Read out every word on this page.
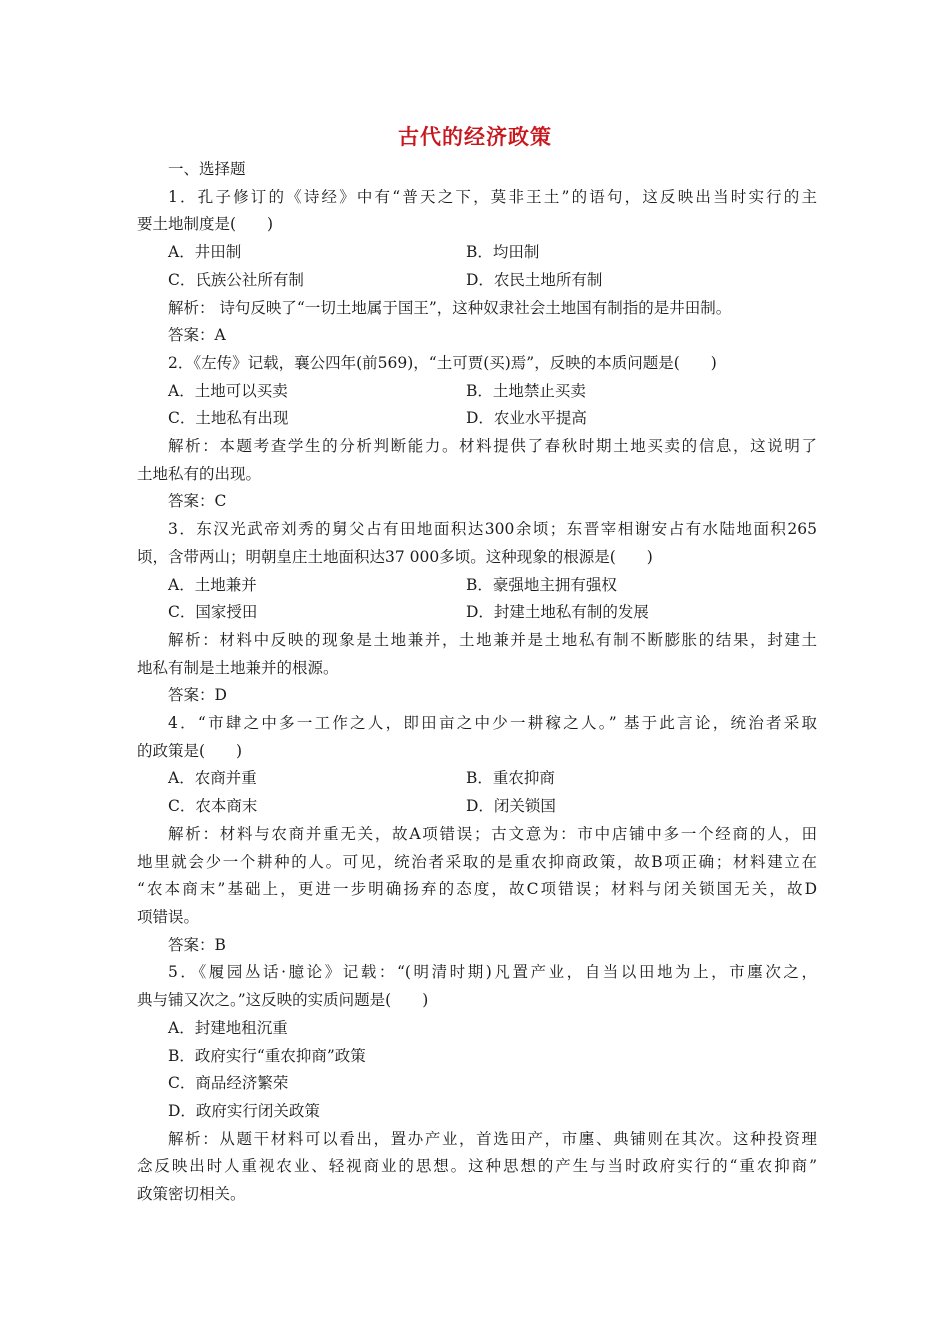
古代的经济政策
一、选择题
1．孔子修订的《诗经》中有“普天之下，莫非王土”的语句，这反映出当时实行的主
要土地制度是(　　)
A．井田制	B．均田制
C．氏族公社所有制	D．农民土地所有制
解析： 诗句反映了“一切土地属于国王”，这种奴隶社会土地国有制指的是井田制。
答案：A
2．《左传》记载，襄公四年(前569)，“土可贾(买)焉”，反映的本质问题是(　　)
A．土地可以买卖	B．土地禁止买卖
C．土地私有出现	D．农业水平提高
解析：本题考查学生的分析判断能力。材料提供了春秋时期土地买卖的信息，这说明了
土地私有的出现。
答案：C
3．东汉光武帝刘秀的舅父占有田地面积达300余顷；东晋宰相谢安占有水陆地面积265
顷，含带两山；明朝皇庄土地面积达37 000多顷。这种现象的根源是(　　)
A．土地兼并	B．豪强地主拥有强权
C．国家授田	D．封建土地私有制的发展
解析：材料中反映的现象是土地兼并，土地兼并是土地私有制不断膨胀的结果，封建土
地私有制是土地兼并的根源。
答案：D
4．“市肆之中多一工作之人，即田亩之中少一耕稼之人。” 基于此言论，统治者采取
的政策是(　　)
A．农商并重	B．重农抑商
C．农本商末	D．闭关锁国
解析：材料与农商并重无关，故A项错误；古文意为：市中店铺中多一个经商的人，田
地里就会少一个耕种的人。可见，统治者采取的是重农抑商政策，故B项正确；材料建立在
“农本商末”基础上，更进一步明确扬弃的态度，故C项错误；材料与闭关锁国无关，故D
项错误。
答案：B
5．《履园丛话·臆论》记载：“(明清时期)凡置产业，自当以田地为上，市廛次之，
典与铺又次之。”这反映的实质问题是(　　)
A．封建地租沉重
B．政府实行“重农抑商”政策
C．商品经济繁荣
D．政府实行闭关政策
解析：从题干材料可以看出，置办产业，首选田产，市廛、典铺则在其次。这种投资理
念反映出时人重视农业、轻视商业的思想。这种思想的产生与当时政府实行的“重农抑商”
政策密切相关。
